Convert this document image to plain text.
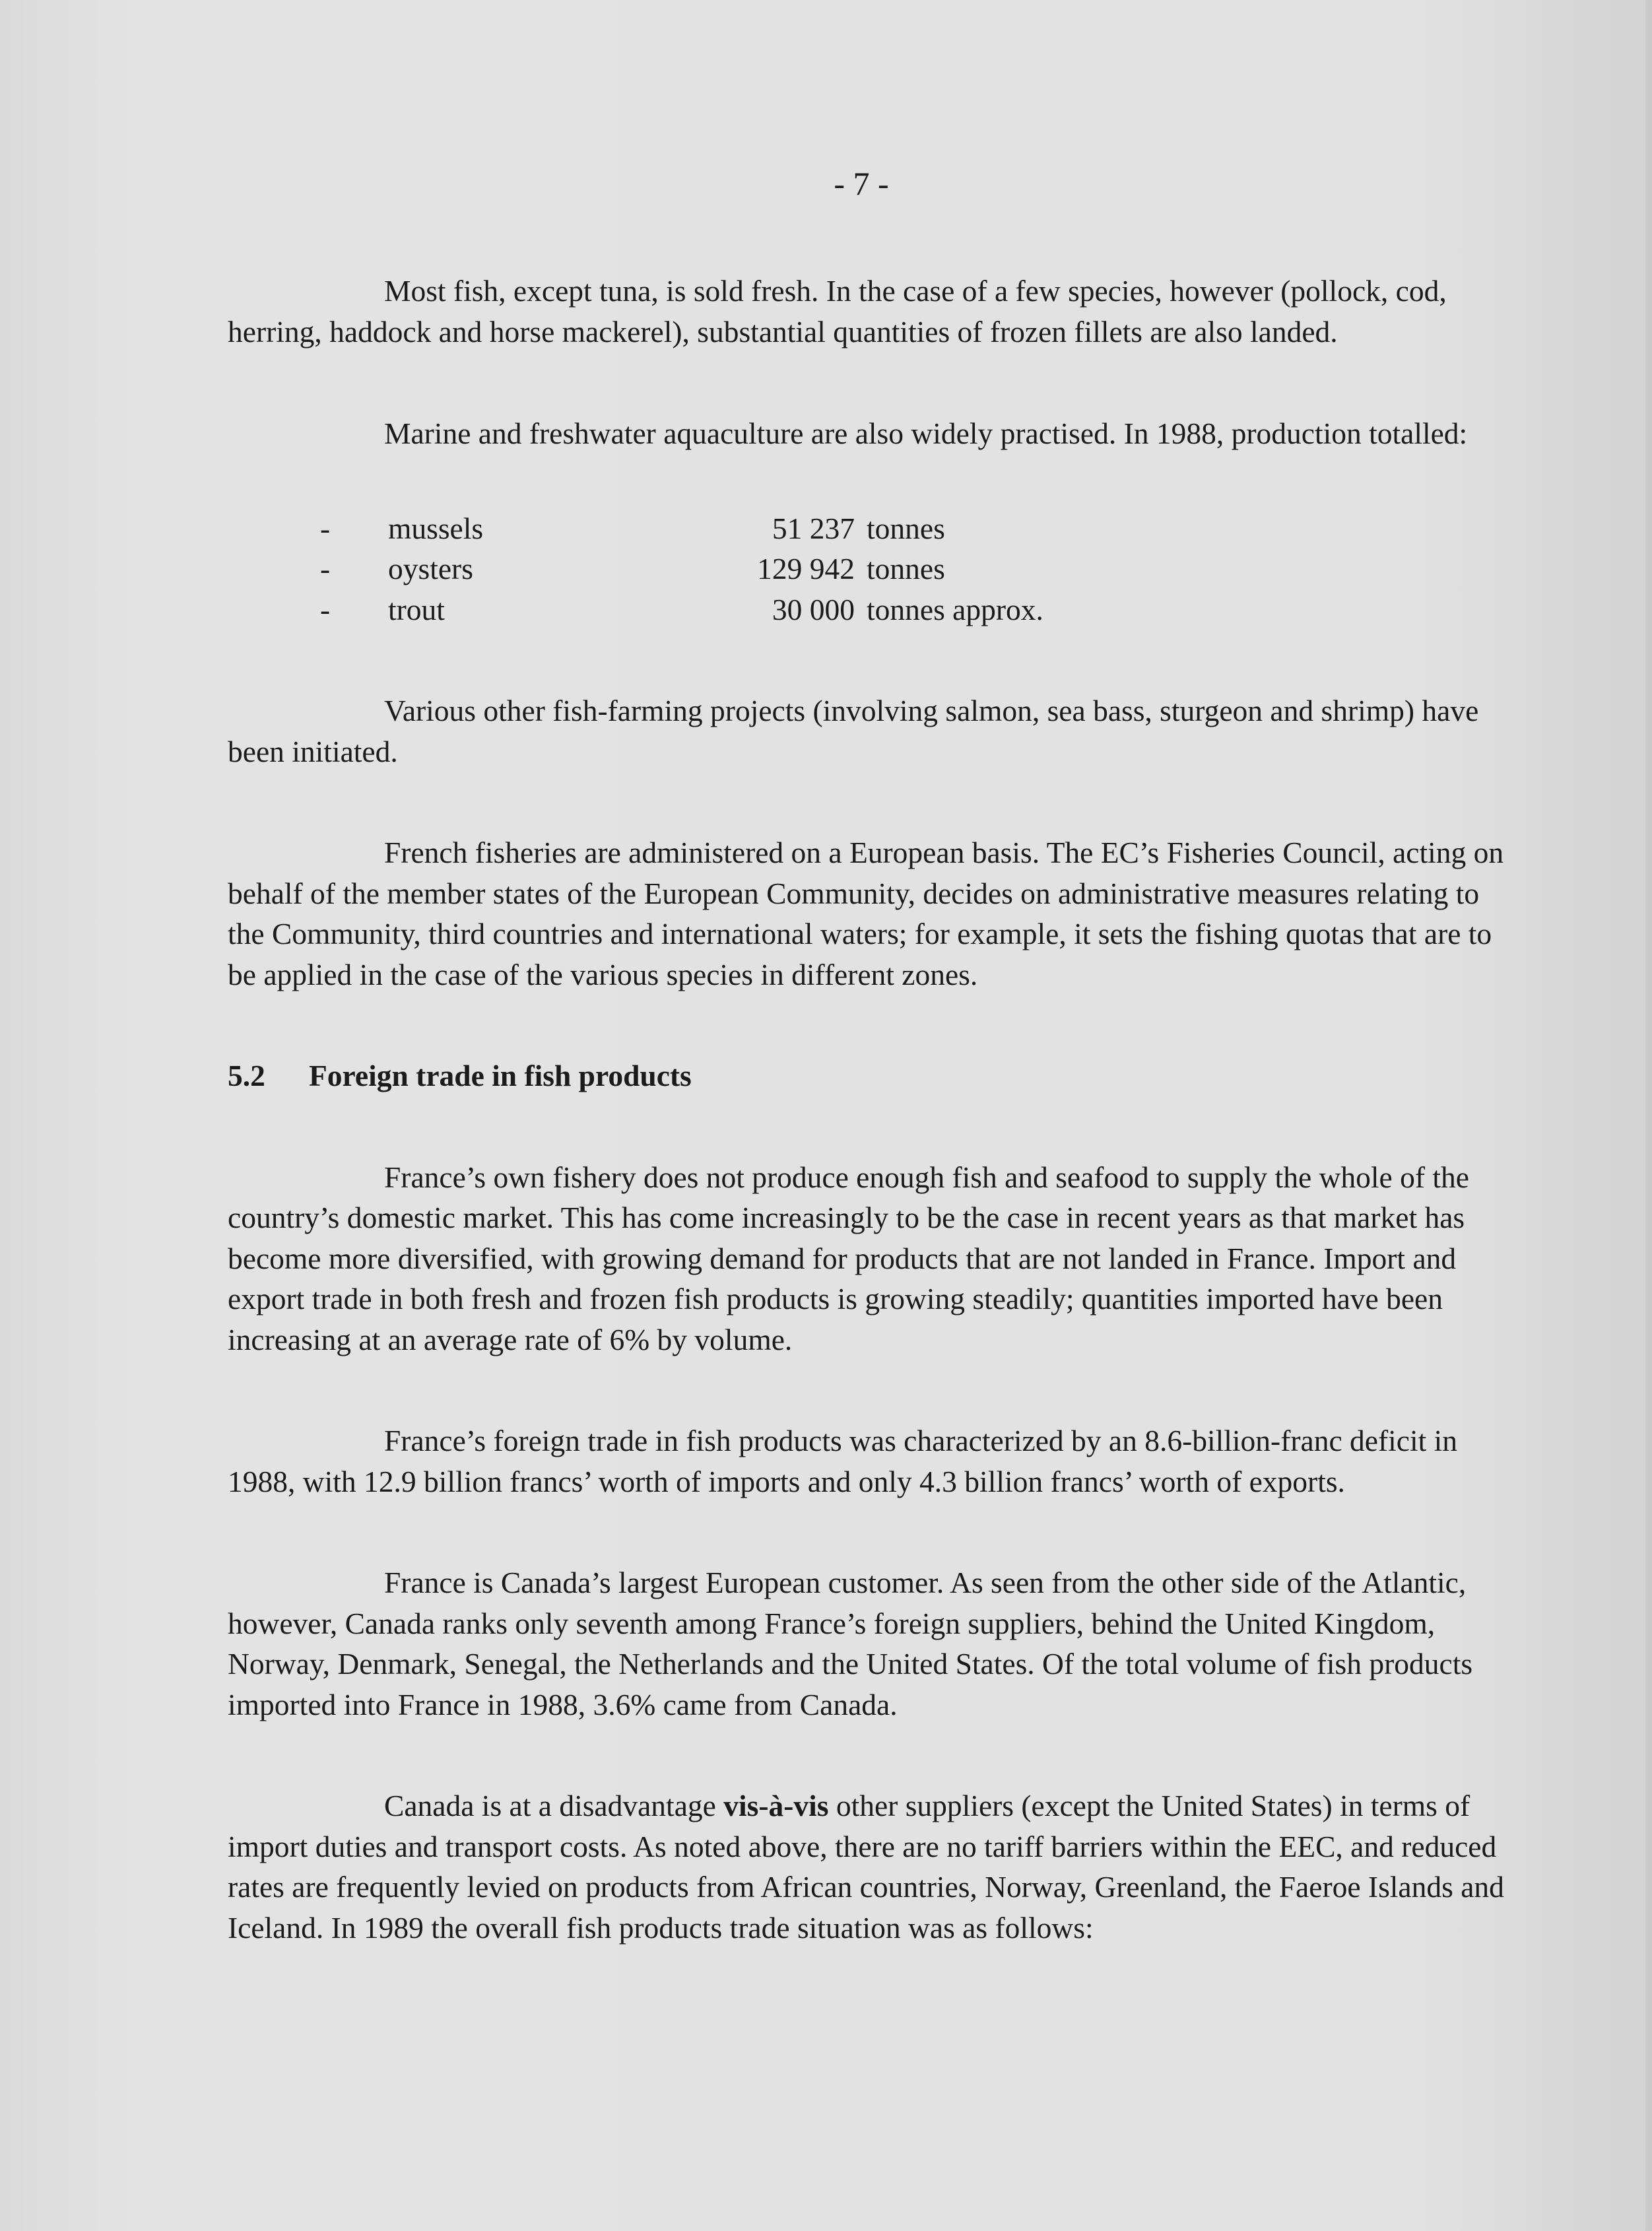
- 7 -

Most fish, except tuna, is sold fresh. In the case of a few species, however (pollock, cod, herring, haddock and horse mackerel), substantial quantities of frozen fillets are also landed.

Marine and freshwater aquaculture are also widely practised. In 1988, production totalled:

- mussels	51 237 tonnes
- oysters	129 942 tonnes
- trout	30 000 tonnes approx.

Various other fish-farming projects (involving salmon, sea bass, sturgeon and shrimp) have been initiated.

French fisheries are administered on a European basis. The EC’s Fisheries Council, acting on behalf of the member states of the European Community, decides on administrative measures relating to the Community, third countries and international waters; for example, it sets the fishing quotas that are to be applied in the case of the various species in different zones.

5.2 Foreign trade in fish products

France’s own fishery does not produce enough fish and seafood to supply the whole of the country’s domestic market. This has come increasingly to be the case in recent years as that market has become more diversified, with growing demand for products that are not landed in France. Import and export trade in both fresh and frozen fish products is growing steadily; quantities imported have been increasing at an average rate of 6% by volume.

France’s foreign trade in fish products was characterized by an 8.6-billion-franc deficit in 1988, with 12.9 billion francs’ worth of imports and only 4.3 billion francs’ worth of exports.

France is Canada’s largest European customer. As seen from the other side of the Atlantic, however, Canada ranks only seventh among France’s foreign suppliers, behind the United Kingdom, Norway, Denmark, Senegal, the Netherlands and the United States. Of the total volume of fish products imported into France in 1988, 3.6% came from Canada.

Canada is at a disadvantage vis-à-vis other suppliers (except the United States) in terms of import duties and transport costs. As noted above, there are no tariff barriers within the EEC, and reduced rates are frequently levied on products from African countries, Norway, Greenland, the Faeroe Islands and Iceland. In 1989 the overall fish products trade situation was as follows:
